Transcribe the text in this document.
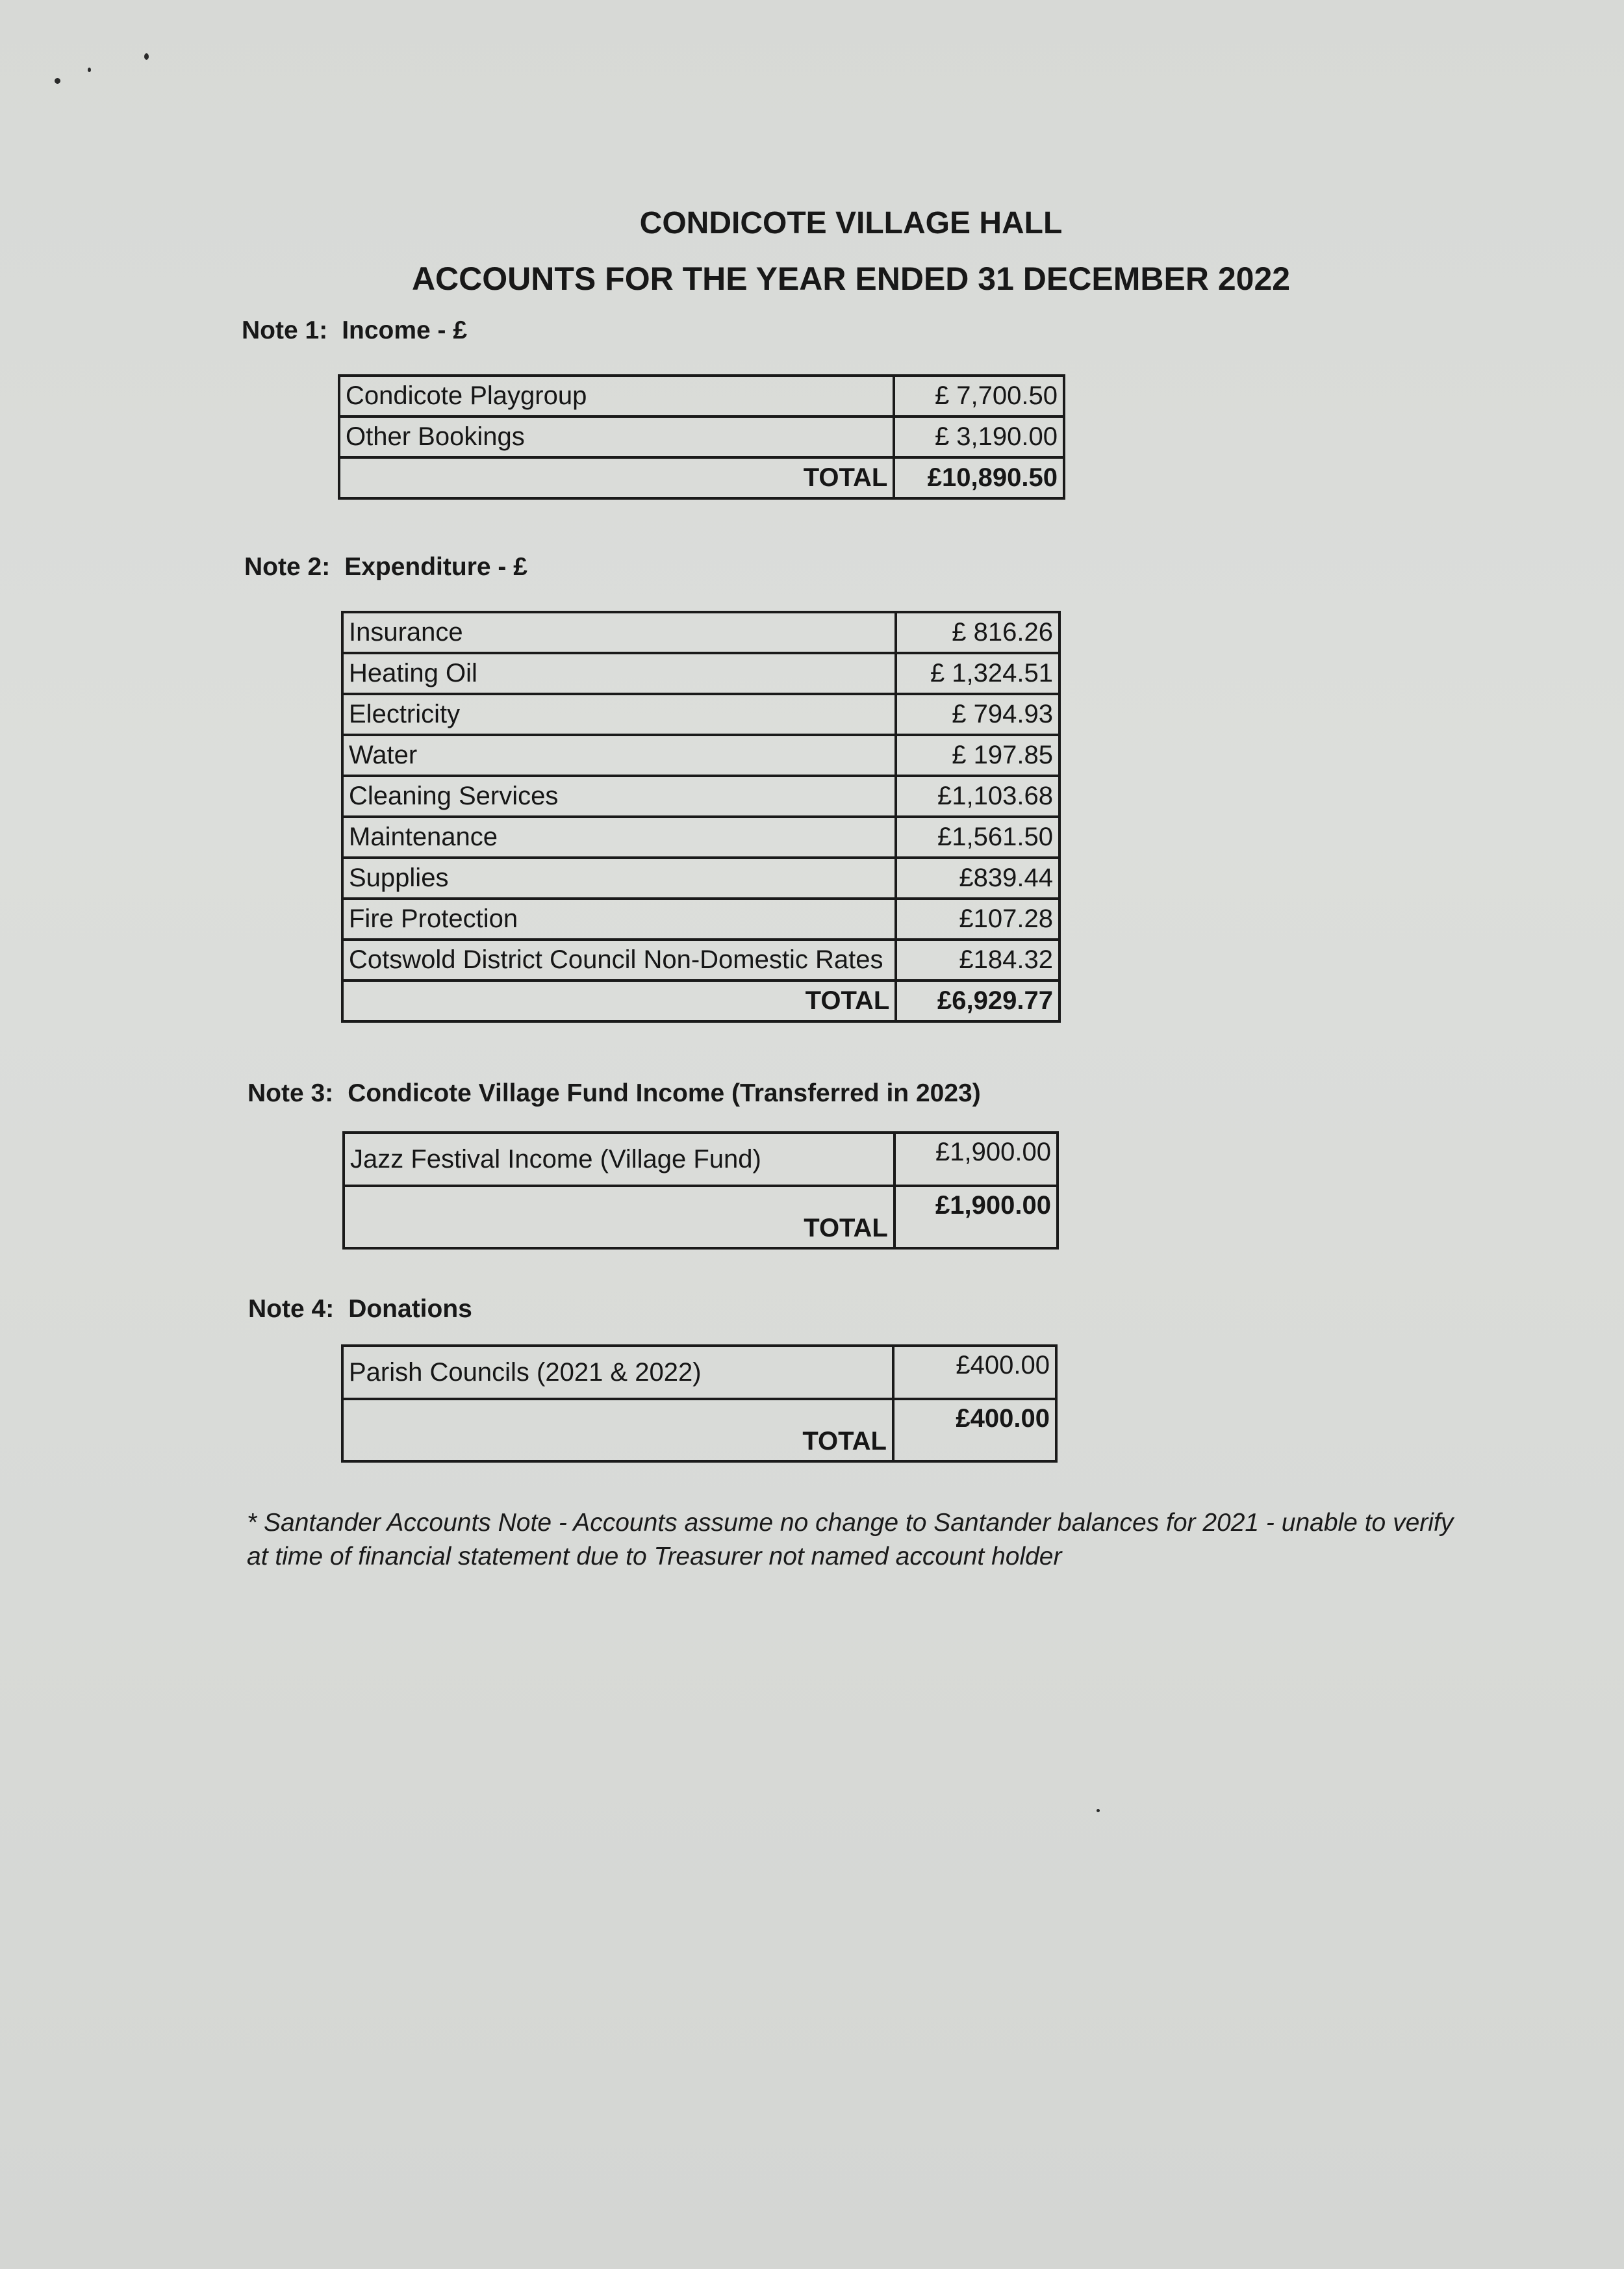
CONDICOTE VILLAGE HALL
ACCOUNTS FOR THE YEAR ENDED 31 DECEMBER 2022
Note 1: Income - £
Condicote Playgroup	£ 7,700.50
Other Bookings	£ 3,190.00
TOTAL	£10,890.50
Note 2: Expenditure - £
Insurance	£ 816.26
Heating Oil	£ 1,324.51
Electricity	£ 794.93
Water	£ 197.85
Cleaning Services	£1,103.68
Maintenance	£1,561.50
Supplies	£839.44
Fire Protection	£107.28
Cotswold District Council Non-Domestic Rates	£184.32
TOTAL	£6,929.77
Note 3: Condicote Village Fund Income (Transferred in 2023)
Jazz Festival Income (Village Fund)	£1,900.00
TOTAL	£1,900.00
Note 4: Donations
Parish Councils (2021 & 2022)	£400.00
TOTAL	£400.00
* Santander Accounts Note - Accounts assume no change to Santander balances for 2021 - unable to verify at time of financial statement due to Treasurer not named account holder
